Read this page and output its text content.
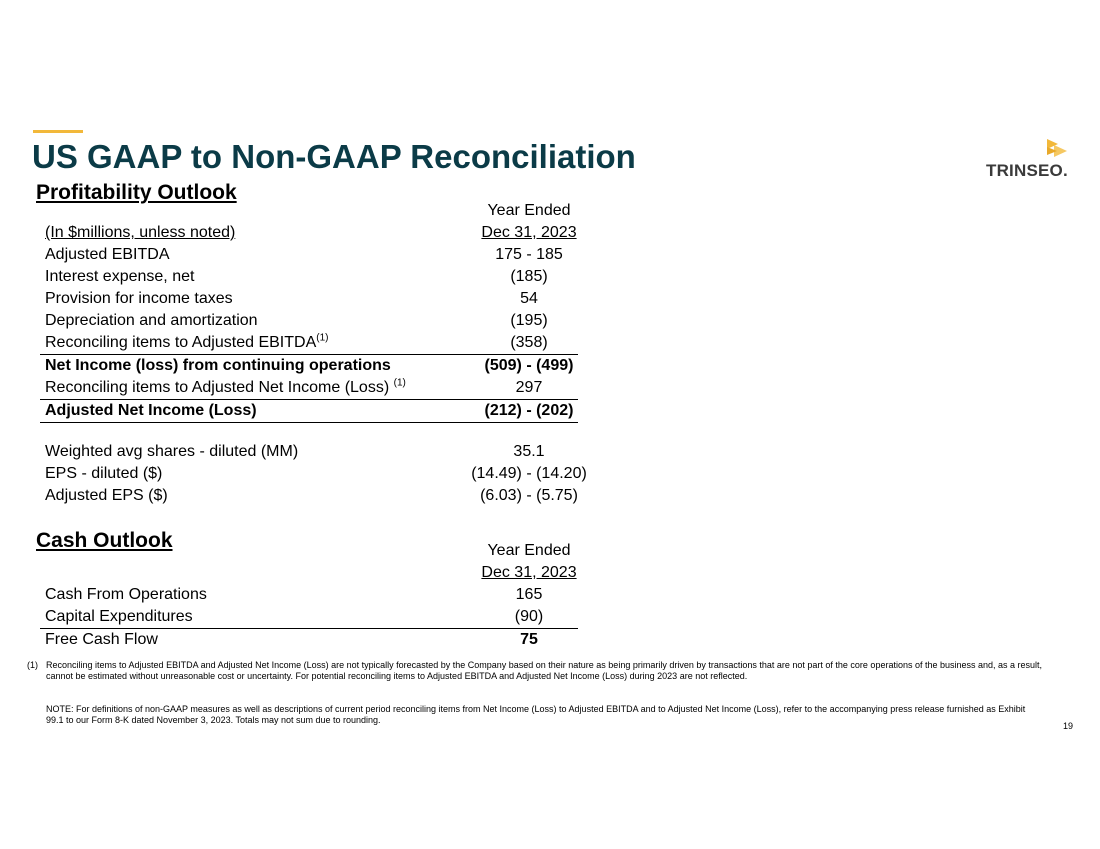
US GAAP to Non-GAAP Reconciliation	TRINSEO.
Profitability Outlook
Year Ended
Dec 31, 2023
(In $millions, unless noted)
Adjusted EBITDA	175 - 185
Interest expense, net	(185)
Provision for income taxes	54
Depreciation and amortization	(195)
Reconciling items to Adjusted EBITDA$^{(1)}$	(358)
Net Income (loss) from continuing operations	(509) - (499)
Reconciling items to Adjusted Net Income (Loss) $^{(1)}$	297
Adjusted Net Income (Loss)	(212) - (202)
Weighted avg shares - diluted (MM)	35.1
EPS - diluted ($)	(14.49) - (14.20)
Adjusted EPS ($)	(6.03) - (5.75)
Cash Outlook	Year Ended
Dec 31, 2023
Cash From Operations	165
Capital Expenditures	(90)
Free Cash Flow	75
(1) Reconciling items to Adjusted EBITDA and Adjusted Net Income (Loss) are not typically forecasted by the Company based on their nature as being primarily driven by transactions that are not part of the core operations of the business and, as a result, cannot be estimated without unreasonable cost or uncertainty. For potential reconciling items to Adjusted EBITDA and Adjusted Net Income (Loss) during 2023 are not reflected.
NOTE: For definitions of non-GAAP measures as well as descriptions of current period reconciling items from Net Income (Loss) to Adjusted EBITDA and to Adjusted Net Income (Loss), refer to the accompanying press release furnished as Exhibit 99.1 to our Form 8-K dated November 3, 2023. Totals may not sum due to rounding.
19
